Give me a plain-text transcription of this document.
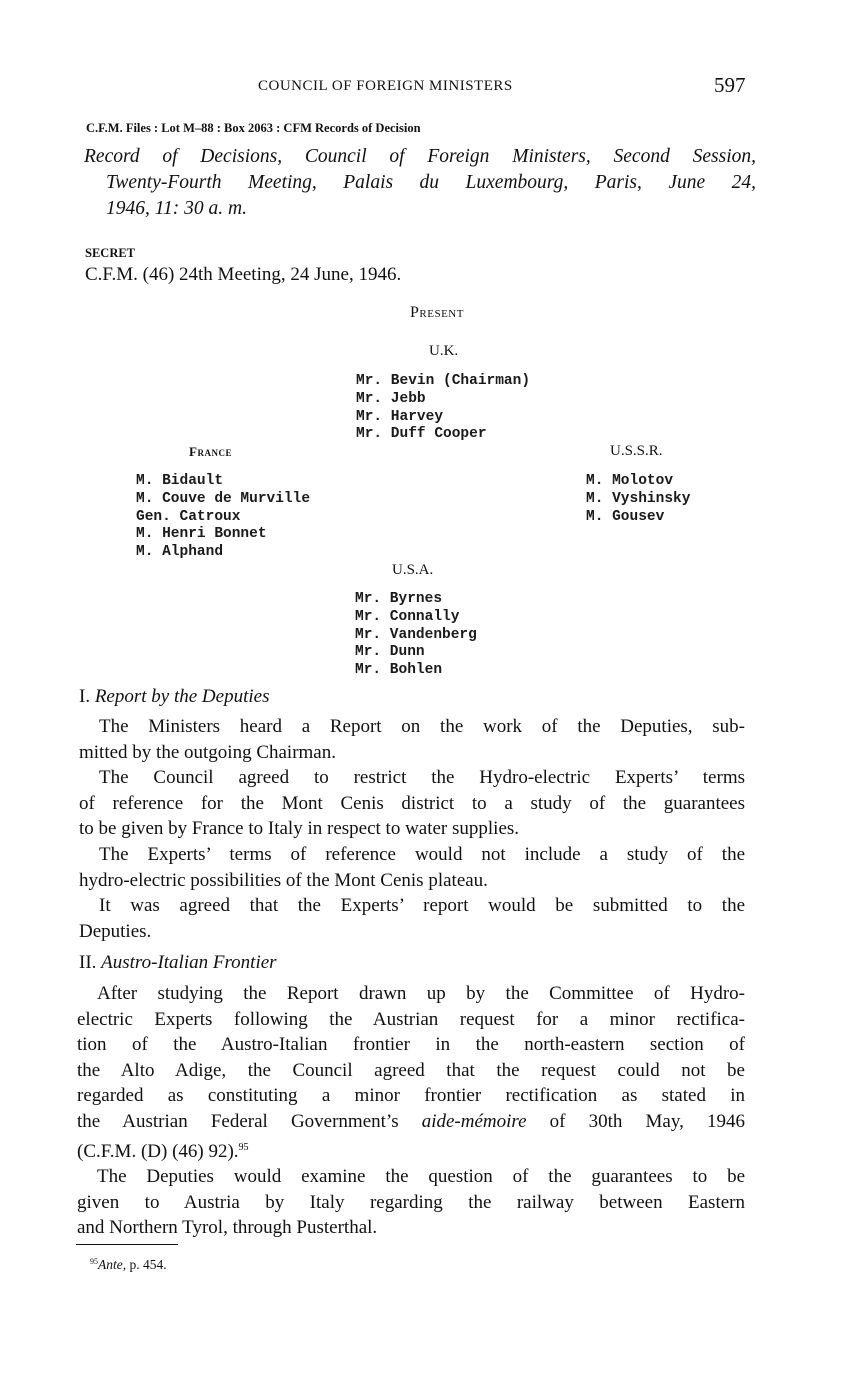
COUNCIL OF FOREIGN MINISTERS	597
C.F.M. Files : Lot M–88 : Box 2063 : CFM Records of Decision
Record of Decisions, Council of Foreign Ministers, Second Session,
Twenty-Fourth Meeting, Palais du Luxembourg, Paris, June 24,
1946, 11: 30 a. m.
SECRET
C.F.M. (46) 24th Meeting, 24 June, 1946.
Present
U.K.
Mr. Bevin (Chairman)
Mr. Jebb
Mr. Harvey
Mr. Duff Cooper
France
M. Bidault
M. Couve de Murville
Gen. Catroux
M. Henri Bonnet
M. Alphand
U.S.S.R.
M. Molotov
M. Vyshinsky
M. Gousev
U.S.A.
Mr. Byrnes
Mr. Connally
Mr. Vandenberg
Mr. Dunn
Mr. Bohlen
I. Report by the Deputies

The Ministers heard a Report on the work of the Deputies, sub-
mitted by the outgoing Chairman.

The Council agreed to restrict the Hydro-electric Experts’ terms
of reference for the Mont Cenis district to a study of the guarantees
to be given by France to Italy in respect to water supplies.

The Experts’ terms of reference would not include a study of the
hydro-electric possibilities of the Mont Cenis plateau.

It was agreed that the Experts’ report would be submitted to the
Deputies.

II. Austro-Italian Frontier

After studying the Report drawn up by the Committee of Hydro-
electric Experts following the Austrian request for a minor rectifica-
tion of the Austro-Italian frontier in the north-eastern section of
the Alto Adige, the Council agreed that the request could not be
regarded as constituting a minor frontier rectification as stated in
the Austrian Federal Government’s aide-mémoire of 30th May, 1946
(C.F.M. (D) (46) 92).$^{95}$

The Deputies would examine the question of the guarantees to be
given to Austria by Italy regarding the railway between Eastern
and Northern Tyrol, through Pusterthal.

$^{95}$Ante, p. 454.
